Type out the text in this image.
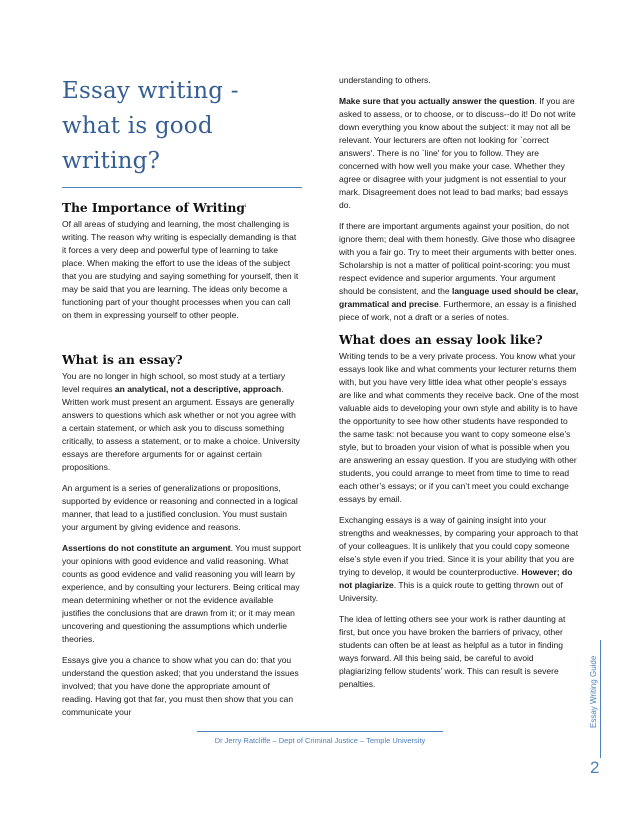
Essay writing - what is good writing?
The Importance of Writing$^i$

Of all areas of studying and learning, the most challenging is writing. The reason why writing is especially demanding is that it forces a very deep and powerful type of learning to take place. When making the effort to use the ideas of the subject that you are studying and saying something for yourself, then it may be said that you are learning. The ideas only become a functioning part of your thought processes when you can call on them in expressing yourself to other people.

What is an essay?

You are no longer in high school, so most study at a tertiary level requires an analytical, not a descriptive, approach. Written work must present an argument. Essays are generally answers to questions which ask whether or not you agree with a certain statement, or which ask you to discuss something critically, to assess a statement, or to make a choice. University essays are therefore arguments for or against certain propositions.

An argument is a series of generalizations or propositions, supported by evidence or reasoning and connected in a logical manner, that lead to a justified conclusion. You must sustain your argument by giving evidence and reasons.

Assertions do not constitute an argument. You must support your opinions with good evidence and valid reasoning. What counts as good evidence and valid reasoning you will learn by experience, and by consulting your lecturers. Being critical may mean determining whether or not the evidence available justifies the conclusions that are drawn from it; or it may mean uncovering and questioning the assumptions which underlie theories.

Essays give you a chance to show what you can do: that you understand the question asked; that you understand the issues involved; that you have done the appropriate amount of reading. Having got that far, you must then show that you can communicate your

understanding to others.

Make sure that you actually answer the question. If you are asked to assess, or to choose, or to discuss--do it! Do not write down everything you know about the subject: it may not all be relevant. Your lecturers are often not looking for `correct answers'. There is no `line' for you to follow. They are concerned with how well you make your case. Whether they agree or disagree with your judgment is not essential to your mark. Disagreement does not lead to bad marks; bad essays do.

If there are important arguments against your position, do not ignore them; deal with them honestly. Give those who disagree with you a fair go. Try to meet their arguments with better ones. Scholarship is not a matter of political point-scoring: you must respect evidence and superior arguments. Your argument should be consistent, and the language used should be clear, grammatical and precise. Furthermore, an essay is a finished piece of work, not a draft or a series of notes.

What does an essay look like?

Writing tends to be a very private process. You know what your essays look like and what comments your lecturer returns them with, but you have very little idea what other people’s essays are like and what comments they receive back. One of the most valuable aids to developing your own style and ability is to have the opportunity to see how other students have responded to the same task: not because you want to copy someone else’s style, but to broaden your vision of what is possible when you are answering an essay question. If you are studying with other students, you could arrange to meet from time to time to read each other’s essays; or if you can’t meet you could exchange essays by email.

Exchanging essays is a way of gaining insight into your strengths and weaknesses, by comparing your approach to that of your colleagues. It is unlikely that you could copy someone else’s style even if you tried. Since it is your ability that you are trying to develop, it would be counterproductive. However; do not plagiarize. This is a quick route to getting thrown out of University.

The idea of letting others see your work is rather daunting at first, but once you have broken the barriers of privacy, other students can often be at least as helpful as a tutor in finding ways forward. All this being said, be careful to avoid plagiarizing fellow students’ work. This can result is severe penalties.

Dr Jerry Ratcliffe – Dept of Criminal Justice – Temple University
Essay Writing Guide
2
